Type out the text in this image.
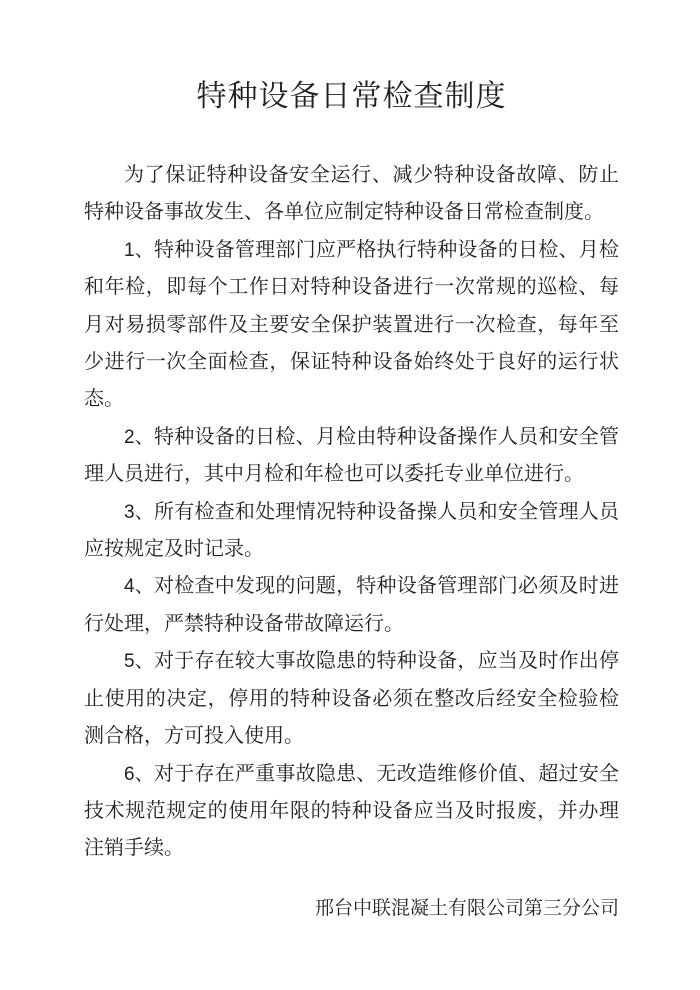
特种设备日常检查制度

为了保证特种设备安全运行、减少特种设备故障、防止特种设备事故发生、各单位应制定特种设备日常检查制度。

1、特种设备管理部门应严格执行特种设备的日检、月检和年检，即每个工作日对特种设备进行一次常规的巡检、每月对易损零部件及主要安全保护装置进行一次检查，每年至少进行一次全面检查，保证特种设备始终处于良好的运行状态。

2、特种设备的日检、月检由特种设备操作人员和安全管理人员进行，其中月检和年检也可以委托专业单位进行。

3、所有检查和处理情况特种设备操人员和安全管理人员应按规定及时记录。

4、对检查中发现的问题，特种设备管理部门必须及时进行处理，严禁特种设备带故障运行。

5、对于存在较大事故隐患的特种设备，应当及时作出停止使用的决定，停用的特种设备必须在整改后经安全检验检测合格，方可投入使用。

6、对于存在严重事故隐患、无改造维修价值、超过安全技术规范规定的使用年限的特种设备应当及时报废，并办理注销手续。

邢台中联混凝土有限公司第三分公司
